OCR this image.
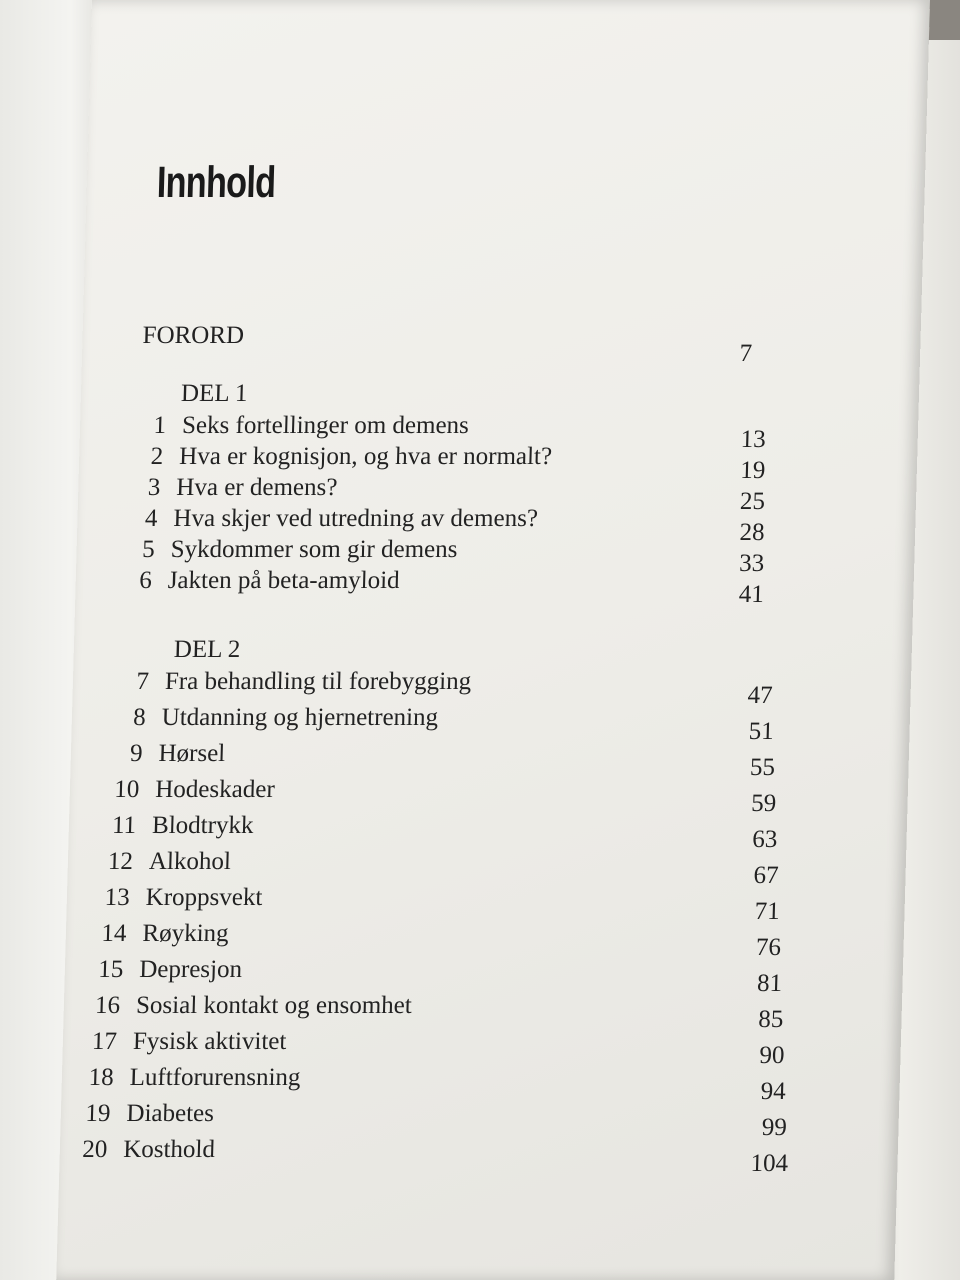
Innhold
FORORD
7
DEL 1
1 Seks fortellinger om demens
13
2 Hva er kognisjon, og hva er normalt?
19
3 Hva er demens?
25
4 Hva skjer ved utredning av demens?
28
5 Sykdommer som gir demens
33
6 Jakten på beta-amyloid
41
DEL 2
7 Fra behandling til forebygging
47
8 Utdanning og hjernetrening
51
9 Hørsel
55
10 Hodeskader
59
11 Blodtrykk
63
12 Alkohol
67
13 Kroppsvekt
71
14 Røyking
76
15 Depresjon
81
16 Sosial kontakt og ensomhet
85
17 Fysisk aktivitet
90
18 Luftforurensning
94
19 Diabetes
99
20 Kosthold
104
